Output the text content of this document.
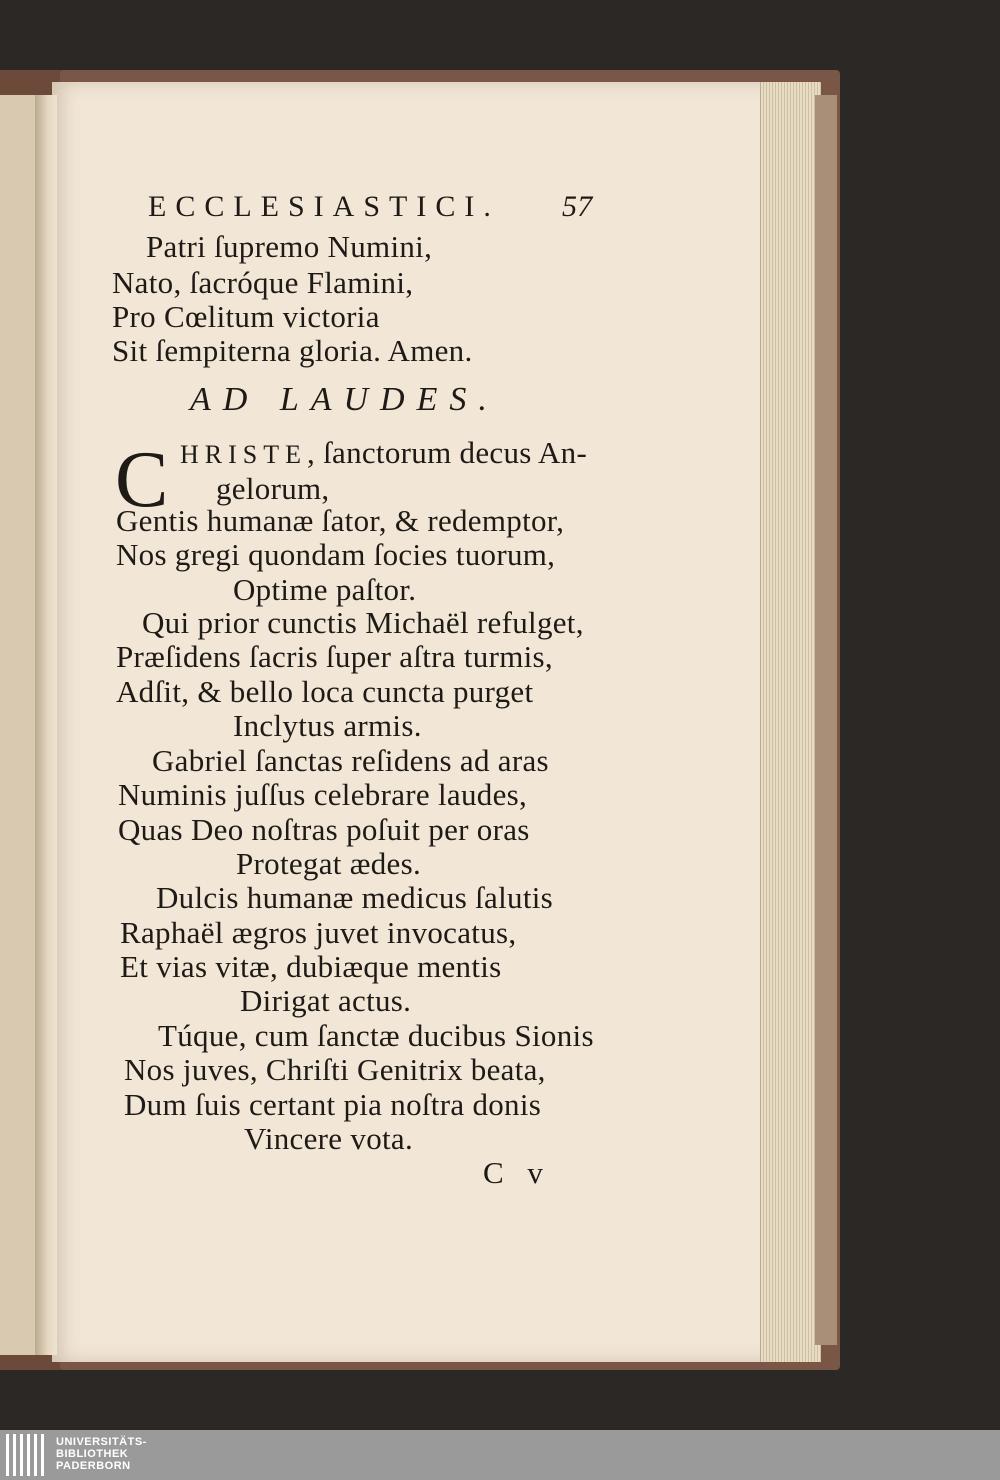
ECCLESIASTICI. 57
Patri ſupremo Numini,
Nato, ſacróque Flamini,
Pro Cœlitum victoria
Sit ſempiterna gloria. Amen.
AD LAUDES.
C HRISTE, ſanctorum decus An-
gelorum,
Gentis humanæ ſator, & redemptor,
Nos gregi quondam ſocies tuorum,
Optime paſtor.
Qui prior cunctis Michaël refulget,
Præſidens ſacris ſuper aſtra turmis,
Adſit, & bello loca cuncta purget
Inclytus armis.
Gabriel ſanctas reſidens ad aras
Numinis juſſus celebrare laudes,
Quas Deo noſtras poſuit per oras
Protegat ædes.
Dulcis humanæ medicus ſalutis
Raphaël ægros juvet invocatus,
Et vias vitæ, dubiæque mentis
Dirigat actus.
Túque, cum ſanctæ ducibus Sionis
Nos juves, Chriſti Genitrix beata,
Dum ſuis certant pia noſtra donis
Vincere vota.
C v
UNIVERSITÄTS-
BIBLIOTHEK
PADERBORN
